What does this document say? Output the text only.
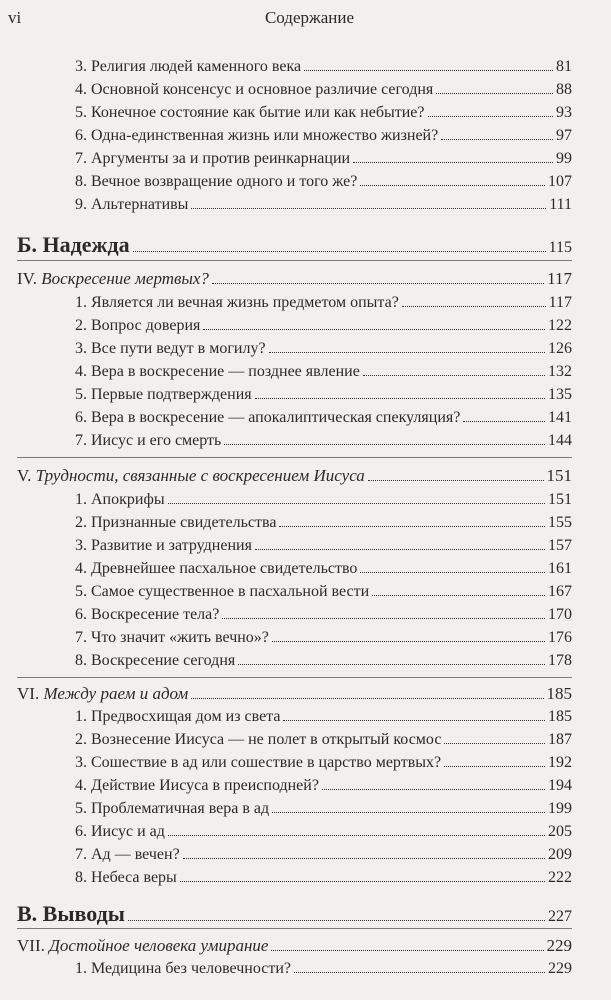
vi	Содержание
3. Религия людей каменного века	81
4. Основной консенсус и основное различие сегодня	88
5. Конечное состояние как бытие или как небытие?	93
6. Одна-единственная жизнь или множество жизней?	97
7. Аргументы за и против реинкарнации	99
8. Вечное возвращение одного и того же?	107
9. Альтернативы	111
Б. Надежда	115
IV. Воскресение мертвых?	117
1. Является ли вечная жизнь предметом опыта?	117
2. Вопрос доверия	122
3. Все пути ведут в могилу?	126
4. Вера в воскресение — позднее явление	132
5. Первые подтверждения	135
6. Вера в воскресение — апокалиптическая спекуляция?	141
7. Иисус и его смерть	144
V. Трудности, связанные с воскресением Иисуса	151
1. Апокрифы	151
2. Признанные свидетельства	155
3. Развитие и затруднения	157
4. Древнейшее пасхальное свидетельство	161
5. Самое существенное в пасхальной вести	167
6. Воскресение тела?	170
7. Что значит «жить вечно»?	176
8. Воскресение сегодня	178
VI. Между раем и адом	185
1. Предвосхищая дом из света	185
2. Вознесение Иисуса — не полет в открытый космос	187
3. Сошествие в ад или сошествие в царство мертвых?	192
4. Действие Иисуса в преисподней?	194
5. Проблематичная вера в ад	199
6. Иисус и ад	205
7. Ад — вечен?	209
8. Небеса веры	222
В. Выводы	227
VII. Достойное человека умирание	229
1. Медицина без человечности?	229
